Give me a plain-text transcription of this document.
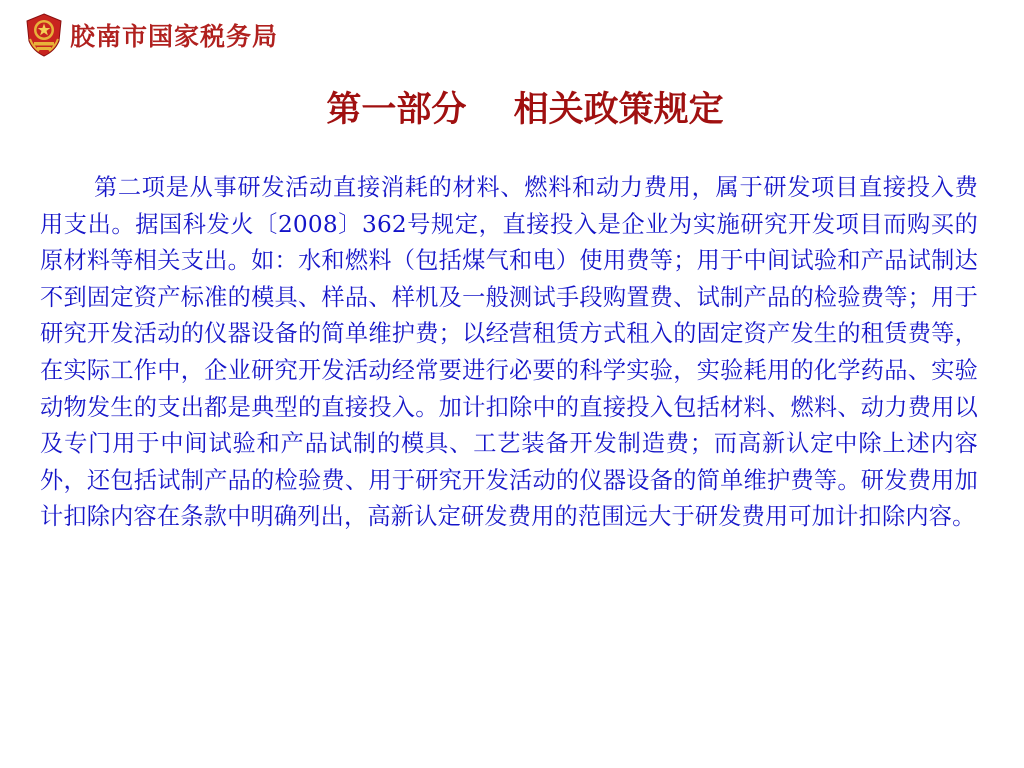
胶南市国家税务局
第一部分　 相关政策规定

第二项是从事研发活动直接消耗的材料、燃料和动力费用，属于研发项目直接投入费用支出。据国科发火〔2008〕362号规定，直接投入是企业为实施研究开发项目而购买的原材料等相关支出。如：水和燃料（包括煤气和电）使用费等；用于中间试验和产品试制达不到固定资产标准的模具、样品、样机及一般测试手段购置费、试制产品的检验费等；用于研究开发活动的仪器设备的简单维护费；以经营租赁方式租入的固定资产发生的租赁费等，在实际工作中，企业研究开发活动经常要进行必要的科学实验，实验耗用的化学药品、实验动物发生的支出都是典型的直接投入。加计扣除中的直接投入包括材料、燃料、动力费用以及专门用于中间试验和产品试制的模具、工艺装备开发制造费；而高新认定中除上述内容外，还包括试制产品的检验费、用于研究开发活动的仪器设备的简单维护费等。研发费用加计扣除内容在条款中明确列出，高新认定研发费用的范围远大于研发费用可加计扣除内容。
